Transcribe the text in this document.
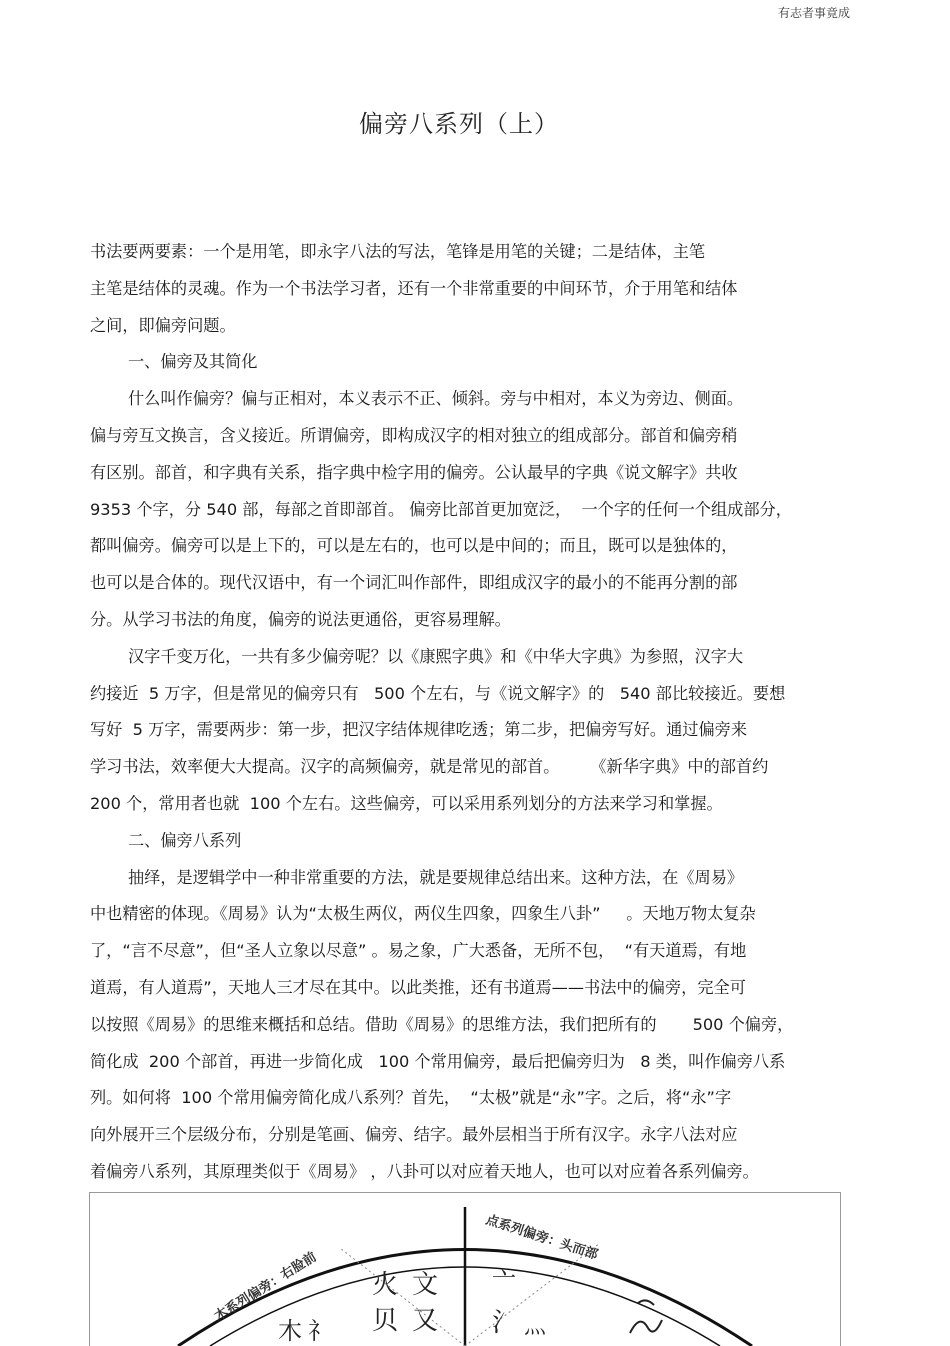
有志者事竟成
偏旁八系列（上）
书法要两要素：一个是用笔，即永字八法的写法，笔锋是用笔的关键；二是结体，主笔
主笔是结体的灵魂。作为一个书法学习者，还有一个非常重要的中间环节，介于用笔和结体
之间，即偏旁问题。
一、偏旁及其简化
什么叫作偏旁？偏与正相对，本义表示不正、倾斜。旁与中相对，本义为旁边、侧面。
偏与旁互文换言，含义接近。所谓偏旁，即构成汉字的相对独立的组成部分。部首和偏旁稍
有区别。部首，和字典有关系，指字典中检字用的偏旁。公认最早的字典《说文解字》共收
9353 个字，分 540 部，每部之首即部首。 偏旁比部首更加宽泛，  一个字的任何一个组成部分，
都叫偏旁。偏旁可以是上下的，可以是左右的，也可以是中间的；而且，既可以是独体的，
也可以是合体的。现代汉语中，有一个词汇叫作部件，即组成汉字的最小的不能再分割的部
分。从学习书法的角度，偏旁的说法更通俗，更容易理解。
汉字千变万化，一共有多少偏旁呢？以《康熙字典》和《中华大字典》为参照，汉字大
约接近  5 万字，但是常见的偏旁只有   500 个左右，与《说文解字》的   540 部比较接近。要想
写好  5 万字，需要两步：第一步，把汉字结体规律吃透；第二步，把偏旁写好。通过偏旁来
学习书法，效率便大大提高。汉字的高频偏旁，就是常见的部首。      《新华字典》中的部首约
200 个，常用者也就  100 个左右。这些偏旁，可以采用系列划分的方法来学习和掌握。
二、偏旁八系列
抽绎，是逻辑学中一种非常重要的方法，就是要规律总结出来。这种方法，在《周易》
中也精密的体现。《周易》认为“太极生两仪，两仪生四象，四象生八卦”     。天地万物太复杂
了，“言不尽意”，但“圣人立象以尽意” 。易之象，广大悉备，无所不包，  “有天道焉，有地
道焉，有人道焉”，天地人三才尽在其中。以此类推，还有书道焉——书法中的偏旁，完全可
以按照《周易》的思维来概括和总结。借助《周易》的思维方法，我们把所有的       500 个偏旁，
简化成  200 个部首，再进一步简化成   100 个常用偏旁，最后把偏旁归为   8 类，叫作偏旁八系
列。如何将  100 个常用偏旁简化成八系列？首先，  “太极”就是“永”字。之后，将“永”字
向外展开三个层级分布，分别是笔画、偏旁、结字。最外层相当于所有汉字。永字八法对应
着偏旁八系列，其原理类似于《周易》 ，八卦可以对应着天地人，也可以对应着各系列偏旁。
木系列偏旁：右脸前
点系列偏旁：头而部
火 文
贝 又
木 礻
亠
氵 灬
